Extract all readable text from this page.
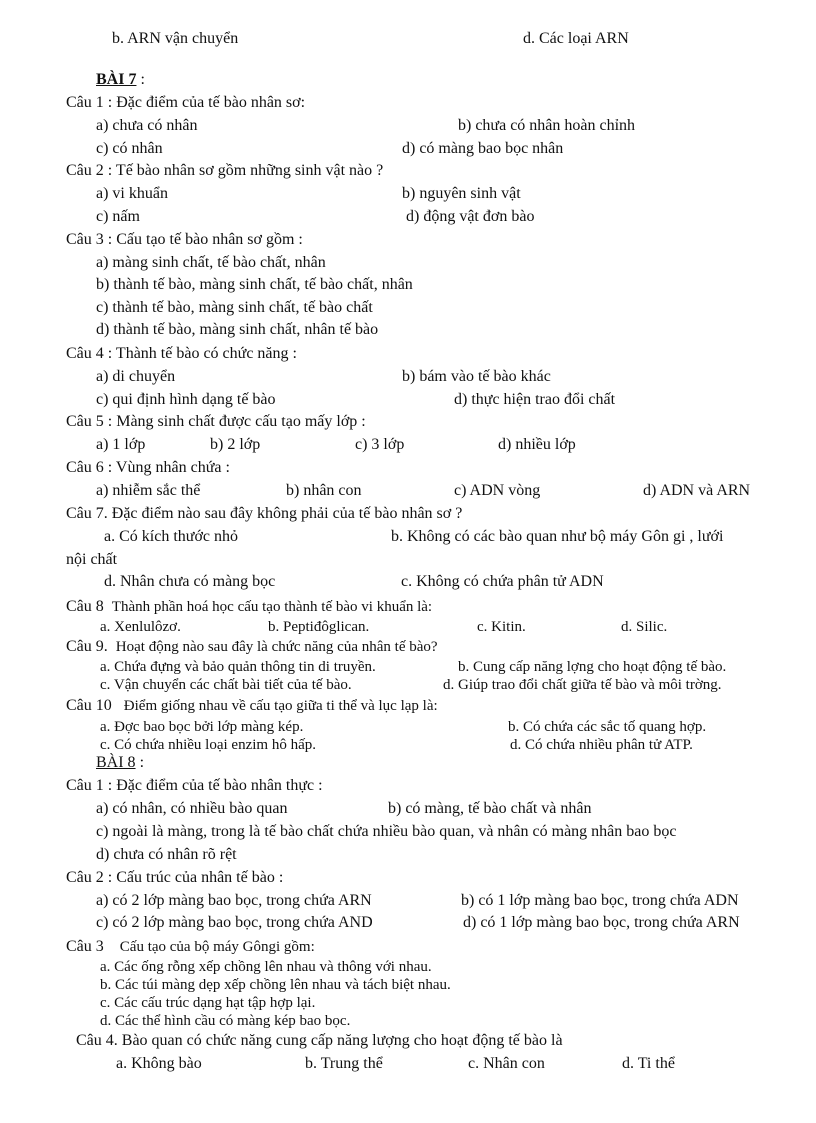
b. ARN vận chuyển	d. Các loại ARN
BÀI 7 :
Câu 1 : Đặc điểm của tế bào nhân sơ:
a) chưa có nhân	b) chưa có nhân hoàn chỉnh
c) có nhân	d) có màng bao bọc nhân
Câu 2 : Tế bào nhân sơ gồm những sinh vật nào ?
a) vi khuẩn	b) nguyên sinh vật
c) nấm	d) động vật đơn bào
Câu 3 : Cấu tạo tế bào nhân sơ gồm :
a) màng sinh chất, tế bào chất, nhân
b) thành tế bào, màng sinh chất, tế bào chất, nhân
c) thành tế bào, màng sinh chất, tế bào chất
d) thành tế bào, màng sinh chất, nhân tế bào
Câu 4 : Thành tế bào có chức năng :
a) di chuyển	b) bám vào tế bào khác
c) qui định hình dạng tế bào	d) thực hiện trao đổi chất
Câu 5 : Màng sinh chất được cấu tạo mấy lớp :
a) 1 lớp	b) 2 lớp	c) 3 lớp	d) nhiều lớp
Câu 6 : Vùng nhân chứa :
a) nhiễm sắc thể	b) nhân con	c) ADN vòng	d) ADN và ARN
Câu 7. Đặc điểm nào sau đây không phải của tế bào nhân sơ ?
a. Có kích thước nhỏ	b. Không có các bào quan như bộ máy Gôn gi , lưới
nội chất
d. Nhân chưa có màng bọc	c. Không có chứa phân tử ADN
Câu 8 Thành phần hoá học cấu tạo thành tế bào vi khuẩn là:
a. Xenlulôzơ.	b. Peptiđôglican.	c. Kitin.	d. Silic.
Câu 9. Hoạt động nào sau đây là chức năng của nhân tế bào?
a. Chứa đựng và bảo quản thông tin di truyền.	b. Cung cấp năng lợng cho hoạt động tế bào.
c. Vận chuyển các chất bài tiết của tế bào.	d. Giúp trao đổi chất giữa tế bào và môi trờng.
Câu 10 Điểm giống nhau về cấu tạo giữa ti thể và lục lạp là:
a. Đợc bao bọc bởi lớp màng kép.	b. Có chứa các sắc tố quang hợp.
c. Có chứa nhiều loại enzim hô hấp.	d. Có chứa nhiều phân tử ATP.
BÀI 8 :
Câu 1 : Đặc điểm của tế bào nhân thực :
a) có nhân, có nhiều bào quan	b) có màng, tế bào chất và nhân
c) ngoài là màng, trong là tế bào chất chứa nhiều bào quan, và nhân có màng nhân bao bọc
d) chưa có nhân rõ rệt
Câu 2 : Cấu trúc của nhân tế bào :
a) có 2 lớp màng bao bọc, trong chứa ARN	b) có 1 lớp màng bao bọc, trong chứa ADN
c) có 2 lớp màng bao bọc, trong chứa AND	d) có 1 lớp màng bao bọc, trong chứa ARN
Câu 3 Cấu tạo của bộ máy Gôngi gồm:
a. Các ống rỗng xếp chồng lên nhau và thông với nhau.
b. Các túi màng dẹp xếp chồng lên nhau và tách biệt nhau.
c. Các cấu trúc dạng hạt tập hợp lại.
d. Các thể hình cầu có màng kép bao bọc.
Câu 4. Bào quan có chức năng cung cấp năng lượng cho hoạt động tế bào là
a. Không bào	b. Trung thể	c. Nhân con	d. Ti thể
